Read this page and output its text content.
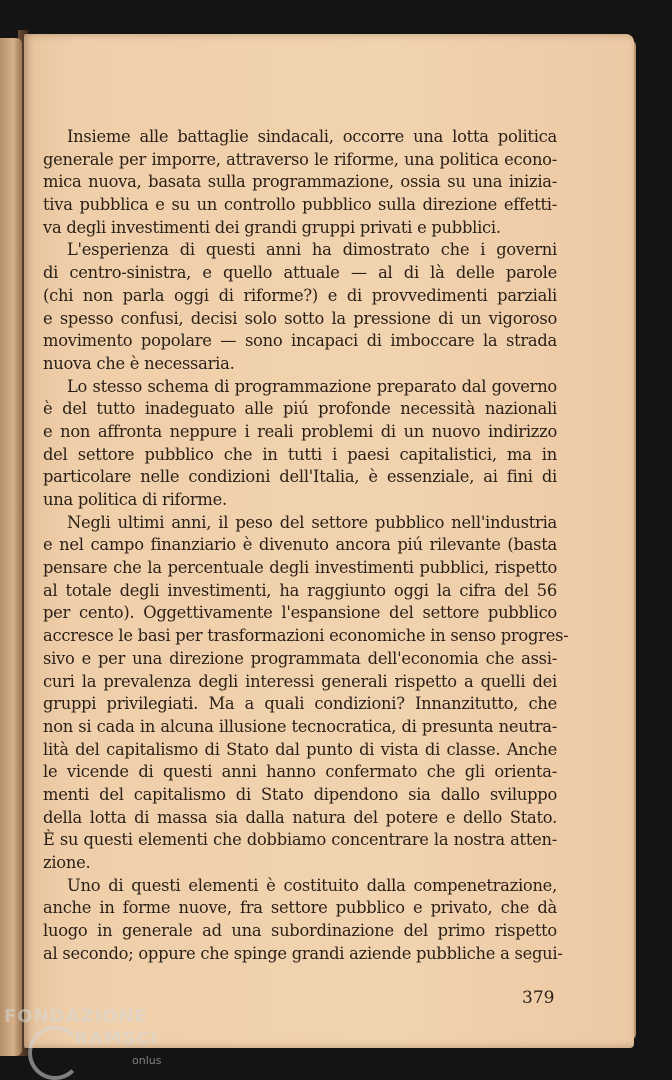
Insieme alle battaglie sindacali, occorre una lotta politica

generale per imporre, attraverso le riforme, una politica econo-

mica nuova, basata sulla programmazione, ossia su una inizia-

tiva pubblica e su un controllo pubblico sulla direzione effetti-

va degli investimenti dei grandi gruppi privati e pubblici.

L'esperienza di questi anni ha dimostrato che i governi

di centro-sinistra, e quello attuale — al di là delle parole

(chi non parla oggi di riforme?) e di provvedimenti parziali

e spesso confusi, decisi solo sotto la pressione di un vigoroso

movimento popolare — sono incapaci di imboccare la strada

nuova che è necessaria.

Lo stesso schema di programmazione preparato dal governo

è del tutto inadeguato alle piú profonde necessità nazionali

e non affronta neppure i reali problemi di un nuovo indirizzo

del settore pubblico che in tutti i paesi capitalistici, ma in

particolare nelle condizioni dell'Italia, è essenziale, ai fini di

una politica di riforme.

Negli ultimi anni, il peso del settore pubblico nell'industria

e nel campo finanziario è divenuto ancora piú rilevante (basta

pensare che la percentuale degli investimenti pubblici, rispetto

al totale degli investimenti, ha raggiunto oggi la cifra del 56

per cento). Oggettivamente l'espansione del settore pubblico

accresce le basi per trasformazioni economiche in senso progres-

sivo e per una direzione programmata dell'economia che assi-

curi la prevalenza degli interessi generali rispetto a quelli dei

gruppi privilegiati. Ma a quali condizioni? Innanzitutto, che

non si cada in alcuna illusione tecnocratica, di presunta neutra-

lità del capitalismo di Stato dal punto di vista di classe. Anche

le vicende di questi anni hanno confermato che gli orienta-

menti del capitalismo di Stato dipendono sia dallo sviluppo

della lotta di massa sia dalla natura del potere e dello Stato.

È su questi elementi che dobbiamo concentrare la nostra atten-

zione.

Uno di questi elementi è costituito dalla compenetrazione,

anche in forme nuove, fra settore pubblico e privato, che dà

luogo in generale ad una subordinazione del primo rispetto

al secondo; oppure che spinge grandi aziende pubbliche a segui-

379
FONDAZIONE
RAMSCI
onlus
